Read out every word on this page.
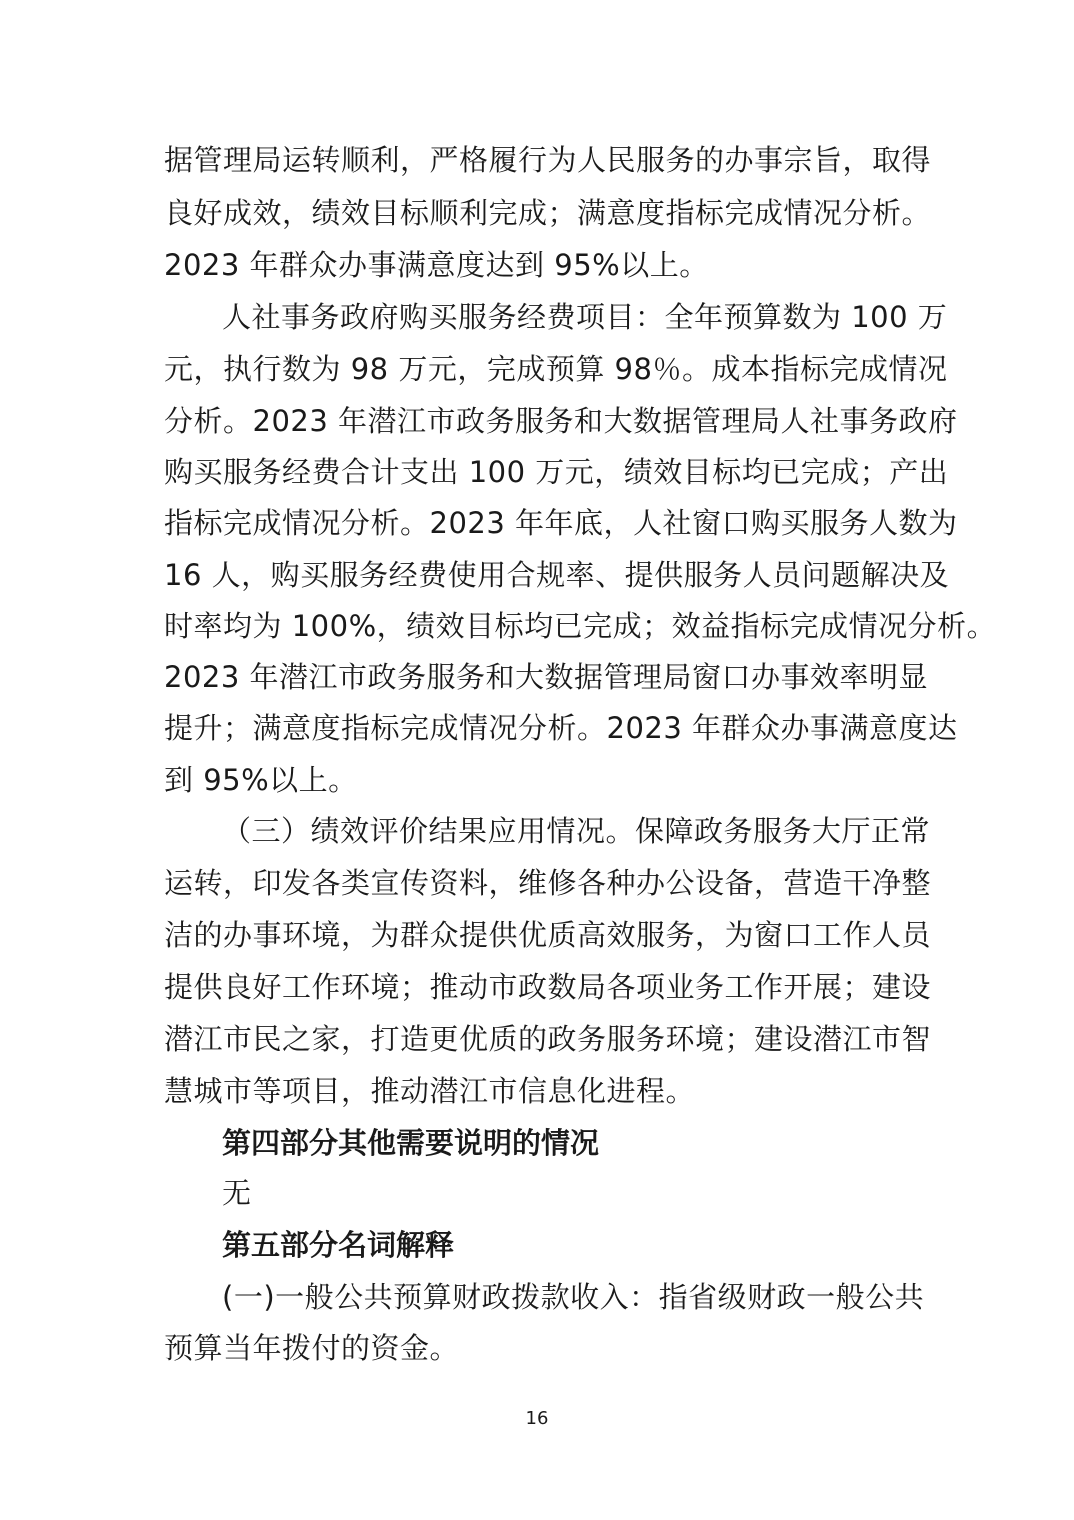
据管理局运转顺利，严格履行为人民服务的办事宗旨，取得
良好成效，绩效目标顺利完成；满意度指标完成情况分析。
2023 年群众办事满意度达到 95%以上。
人社事务政府购买服务经费项目：全年预算数为 100 万
元，执行数为 98 万元，完成预算 98％。成本指标完成情况
分析。2023 年潜江市政务服务和大数据管理局人社事务政府
购买服务经费合计支出 100 万元，绩效目标均已完成；产出
指标完成情况分析。2023 年年底，人社窗口购买服务人数为
16 人，购买服务经费使用合规率、提供服务人员问题解决及
时率均为 100%，绩效目标均已完成；效益指标完成情况分析。
2023 年潜江市政务服务和大数据管理局窗口办事效率明显
提升；满意度指标完成情况分析。2023 年群众办事满意度达
到 95%以上。
（三）绩效评价结果应用情况。保障政务服务大厅正常
运转，印发各类宣传资料，维修各种办公设备，营造干净整
洁的办事环境，为群众提供优质高效服务，为窗口工作人员
提供良好工作环境；推动市政数局各项业务工作开展；建设
潜江市民之家，打造更优质的政务服务环境；建设潜江市智
慧城市等项目，推动潜江市信息化进程。
第四部分其他需要说明的情况
无
第五部分名词解释
(一)一般公共预算财政拨款收入：指省级财政一般公共
预算当年拨付的资金。
16
